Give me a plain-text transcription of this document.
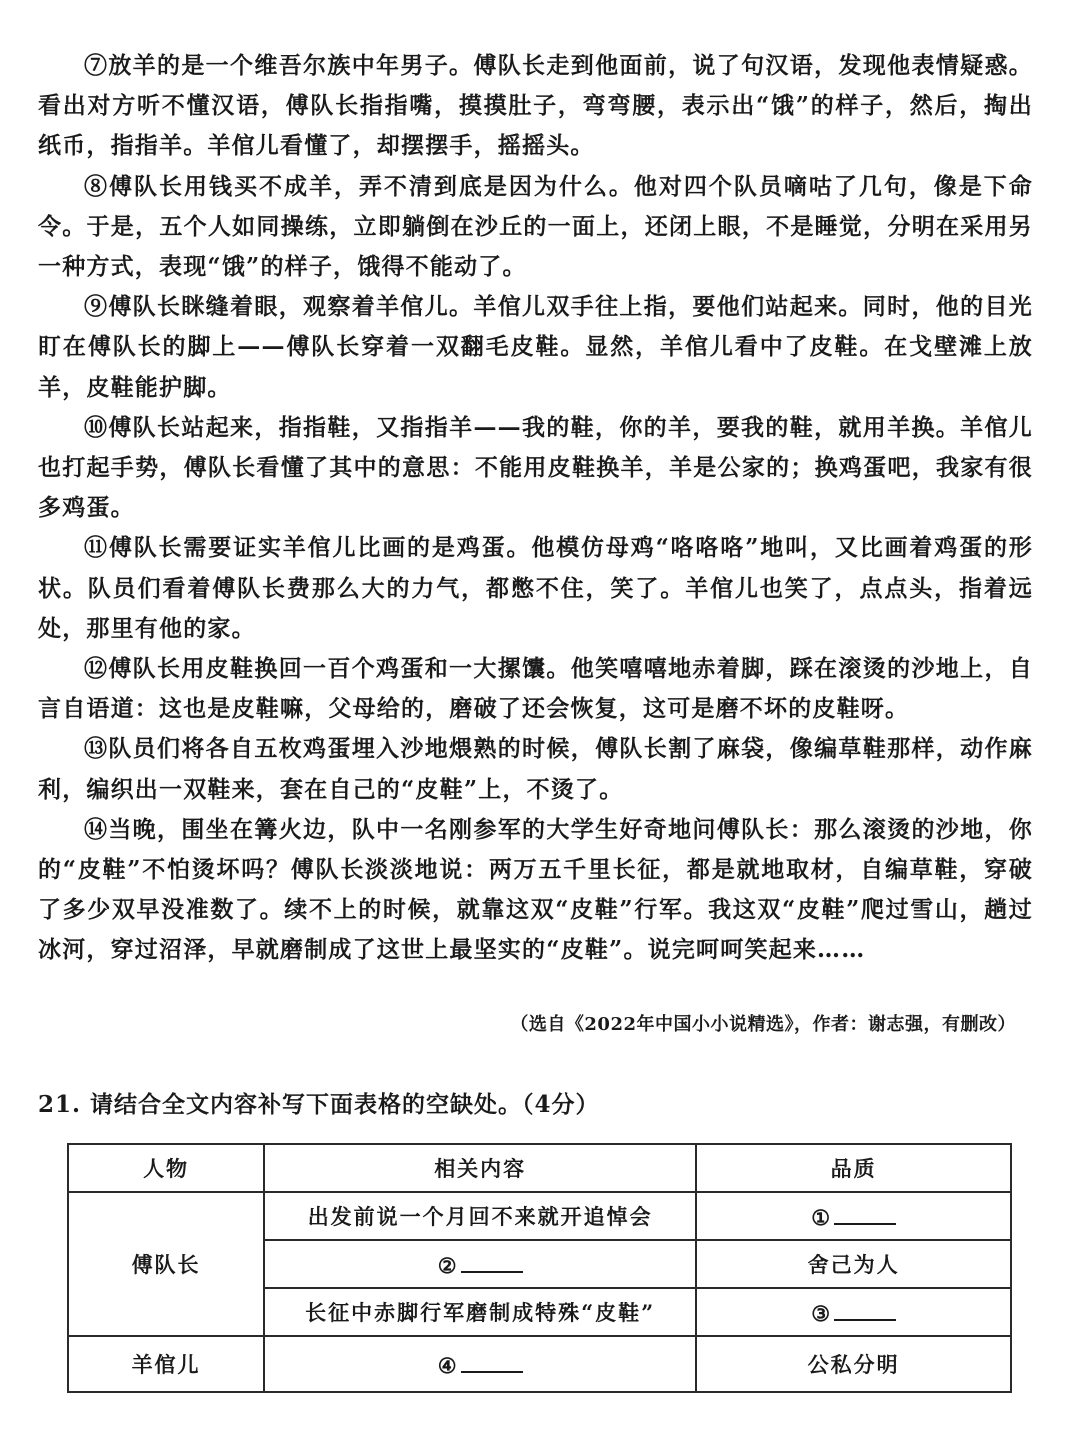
⑦放羊的是一个维吾尔族中年男子。傅队长走到他面前，说了句汉语，发现他表情疑惑。看出对方听不懂汉语，傅队长指指嘴，摸摸肚子，弯弯腰，表示出“饿”的样子，然后，掏出纸币，指指羊。羊倌儿看懂了，却摆摆手，摇摇头。

⑧傅队长用钱买不成羊，弄不清到底是因为什么。他对四个队员嘀咕了几句，像是下命令。于是，五个人如同操练，立即躺倒在沙丘的一面上，还闭上眼，不是睡觉，分明在采用另一种方式，表现“饿”的样子，饿得不能动了。

⑨傅队长眯缝着眼，观察着羊倌儿。羊倌儿双手往上指，要他们站起来。同时，他的目光盯在傅队长的脚上——傅队长穿着一双翻毛皮鞋。显然，羊倌儿看中了皮鞋。在戈壁滩上放羊，皮鞋能护脚。

⑩傅队长站起来，指指鞋，又指指羊——我的鞋，你的羊，要我的鞋，就用羊换。羊倌儿也打起手势，傅队长看懂了其中的意思：不能用皮鞋换羊，羊是公家的；换鸡蛋吧，我家有很多鸡蛋。

⑪傅队长需要证实羊倌儿比画的是鸡蛋。他模仿母鸡“咯咯咯”地叫，又比画着鸡蛋的形状。队员们看着傅队长费那么大的力气，都憋不住，笑了。羊倌儿也笑了，点点头，指着远处，那里有他的家。

⑫傅队长用皮鞋换回一百个鸡蛋和一大摞馕。他笑嘻嘻地赤着脚，踩在滚烫的沙地上，自言自语道：这也是皮鞋嘛，父母给的，磨破了还会恢复，这可是磨不坏的皮鞋呀。

⑬队员们将各自五枚鸡蛋埋入沙地煨熟的时候，傅队长割了麻袋，像编草鞋那样，动作麻利，编织出一双鞋来，套在自己的“皮鞋”上，不烫了。

⑭当晚，围坐在篝火边，队中一名刚参军的大学生好奇地问傅队长：那么滚烫的沙地，你的“皮鞋”不怕烫坏吗？傅队长淡淡地说：两万五千里长征，都是就地取材，自编草鞋，穿破了多少双早没准数了。续不上的时候，就靠这双“皮鞋”行军。我这双“皮鞋”爬过雪山，趟过冰河，穿过沼泽，早就磨制成了这世上最坚实的“皮鞋”。说完呵呵笑起来……

（选自《2022年中国小小说精选》，作者：谢志强，有删改）
21. 请结合全文内容补写下面表格的空缺处。（4分）
人物	相关内容	品质
傅队长	出发前说一个月回不来就开追悼会	①
	②	舍己为人
	长征中赤脚行军磨制成特殊“皮鞋”	③
羊倌儿	④	公私分明
